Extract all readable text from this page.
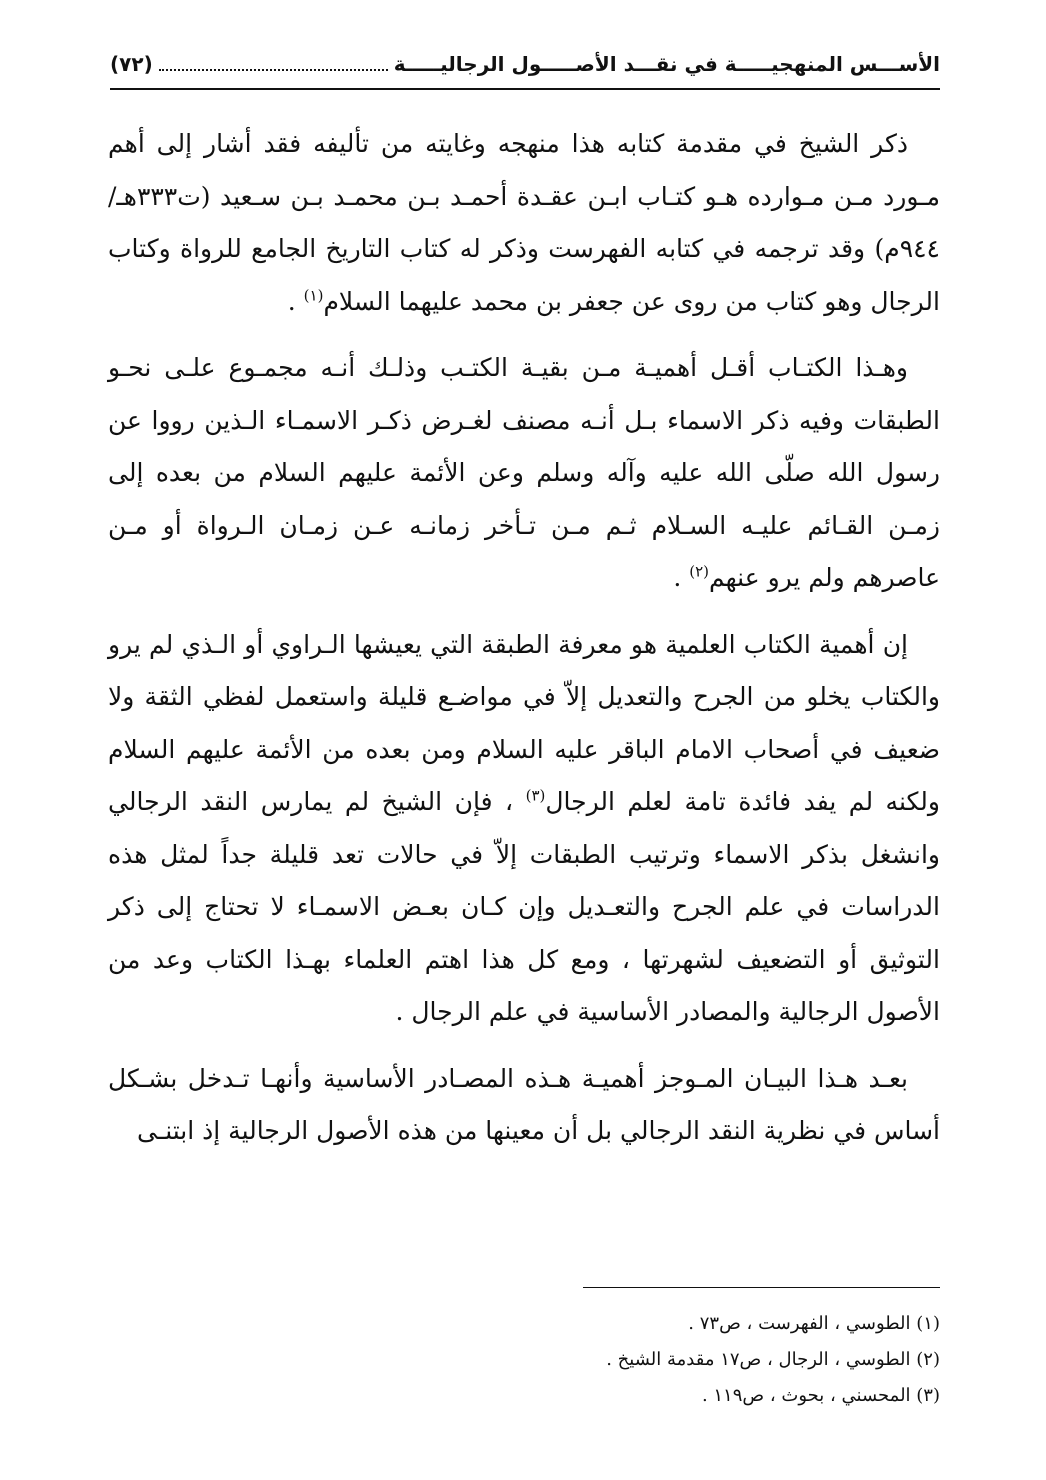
الأســـس المنهجيـــــة في نقـــد الأصـــــول الرجاليـــــة
(٧٢)

ذكر الشيخ في مقدمة كتابه هذا منهجه وغايته من تأليفه فقد أشار إلى أهم مـورد مـن مـوارده هـو كتـاب ابـن عقـدة أحمـد بـن محمـد بـن سـعيد (ت٣٣٣هـ/٩٤٤م) وقد ترجمه في كتابه الفهرست وذكر له كتاب التاريخ الجامع للرواة وكتاب الرجال وهو كتاب من روى عن جعفر بن محمد عليهما السلام$^{(١)}$ .

وهـذا الكتـاب أقـل أهميـة مـن بقيـة الكتـب وذلـك أنـه مجمـوع علـى نحـو الطبقات وفيه ذكر الاسماء بـل أنـه مصنف لغـرض ذكـر الاسمـاء الـذين رووا عن رسول الله صلّى الله عليه وآله وسلم وعن الأئمة عليهم السلام من بعده إلى زمـن القـائم عليـه السـلام ثـم مـن تـأخر زمانـه عـن زمـان الـرواة أو مـن عاصرهم ولم يرو عنهم$^{(٢)}$ .

إن أهمية الكتاب العلمية هو معرفة الطبقة التي يعيشها الـراوي أو الـذي لم يرو والكتاب يخلو من الجرح والتعديل إلاّ في مواضـع قليلة واستعمل لفظي الثقة ولا ضعيف في أصحاب الامام الباقر عليه السلام ومن بعده من الأئمة عليهم السلام ولكنه لم يفد فائدة تامة لعلم الرجال$^{(٣)}$ ، فإن الشيخ لم يمارس النقد الرجالي وانشغل بذكر الاسماء وترتيب الطبقات إلاّ في حالات تعد قليلة جداً لمثل هذه الدراسات في علم الجرح والتعـديل وإن كـان بعـض الاسمـاء لا تحتاج إلى ذكر التوثيق أو التضعيف لشهرتها ، ومع كل هذا اهتم العلماء بهـذا الكتاب وعد من الأصول الرجالية والمصادر الأساسية في علم الرجال .

بعـد هـذا البيـان المـوجز أهميـة هـذه المصـادر الأساسية وأنهـا تـدخل بشـكل أساس في نظرية النقد الرجالي بل أن معينها من هذه الأصول الرجالية إذ ابتنـى

(١) الطوسي ، الفهرست ، ص٧٣ .
(٢) الطوسي ، الرجال ، ص١٧ مقدمة الشيخ .
(٣) المحسني ، بحوث ، ص١١٩ .
